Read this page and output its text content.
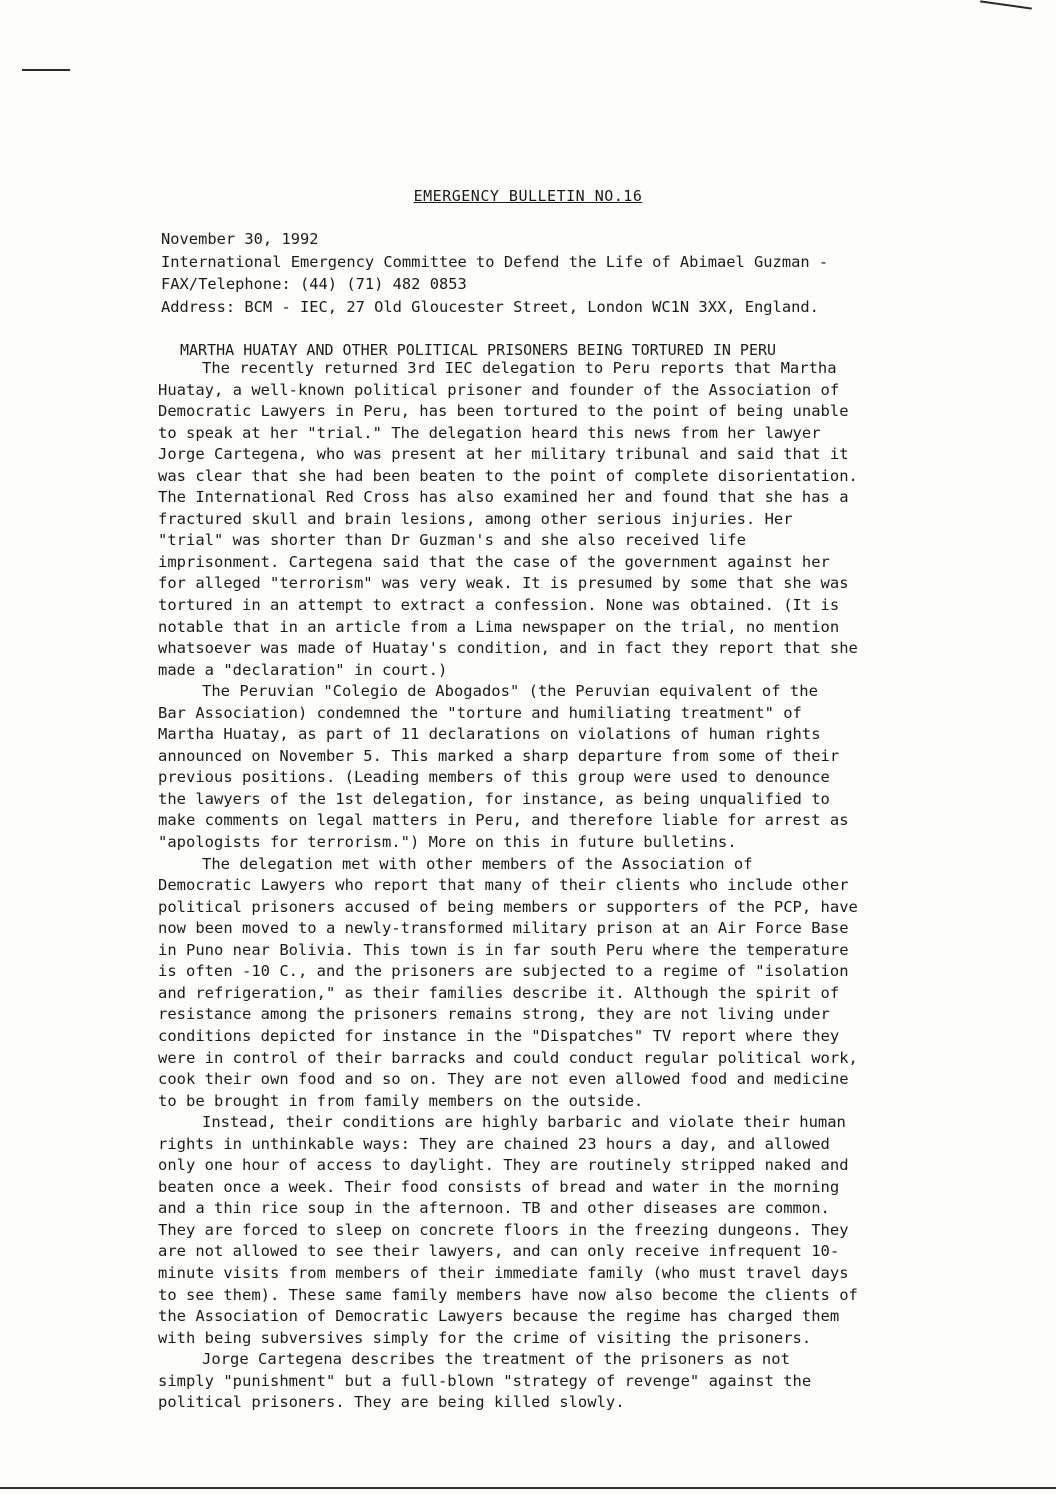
EMERGENCY BULLETIN NO.16
November 30, 1992
International Emergency Committee to Defend the Life of Abimael Guzman -
FAX/Telephone: (44) (71) 482 0853
Address: BCM - IEC, 27 Old Gloucester Street, London WC1N 3XX, England.
MARTHA HUATAY AND OTHER POLITICAL PRISONERS BEING TORTURED IN PERU
The recently returned 3rd IEC delegation to Peru reports that Martha
Huatay, a well-known political prisoner and founder of the Association of
Democratic Lawyers in Peru, has been tortured to the point of being unable
to speak at her "trial." The delegation heard this news from her lawyer
Jorge Cartegena, who was present at her military tribunal and said that it
was clear that she had been beaten to the point of complete disorientation.
The International Red Cross has also examined her and found that she has a
fractured skull and brain lesions, among other serious injuries. Her
"trial" was shorter than Dr Guzman's and she also received life
imprisonment. Cartegena said that the case of the government against her
for alleged "terrorism" was very weak. It is presumed by some that she was
tortured in an attempt to extract a confession. None was obtained. (It is
notable that in an article from a Lima newspaper on the trial, no mention
whatsoever was made of Huatay's condition, and in fact they report that she
made a "declaration" in court.)
The Peruvian "Colegio de Abogados" (the Peruvian equivalent of the
Bar Association) condemned the "torture and humiliating treatment" of
Martha Huatay, as part of 11 declarations on violations of human rights
announced on November 5. This marked a sharp departure from some of their
previous positions. (Leading members of this group were used to denounce
the lawyers of the 1st delegation, for instance, as being unqualified to
make comments on legal matters in Peru, and therefore liable for arrest as
"apologists for terrorism.") More on this in future bulletins.
The delegation met with other members of the Association of
Democratic Lawyers who report that many of their clients who include other
political prisoners accused of being members or supporters of the PCP, have
now been moved to a newly-transformed military prison at an Air Force Base
in Puno near Bolivia. This town is in far south Peru where the temperature
is often -10 C., and the prisoners are subjected to a regime of "isolation
and refrigeration," as their families describe it. Although the spirit of
resistance among the prisoners remains strong, they are not living under
conditions depicted for instance in the "Dispatches" TV report where they
were in control of their barracks and could conduct regular political work,
cook their own food and so on. They are not even allowed food and medicine
to be brought in from family members on the outside.
Instead, their conditions are highly barbaric and violate their human
rights in unthinkable ways: They are chained 23 hours a day, and allowed
only one hour of access to daylight. They are routinely stripped naked and
beaten once a week. Their food consists of bread and water in the morning
and a thin rice soup in the afternoon. TB and other diseases are common.
They are forced to sleep on concrete floors in the freezing dungeons. They
are not allowed to see their lawyers, and can only receive infrequent 10-
minute visits from members of their immediate family (who must travel days
to see them). These same family members have now also become the clients of
the Association of Democratic Lawyers because the regime has charged them
with being subversives simply for the crime of visiting the prisoners.
Jorge Cartegena describes the treatment of the prisoners as not
simply "punishment" but a full-blown "strategy of revenge" against the
political prisoners. They are being killed slowly.
